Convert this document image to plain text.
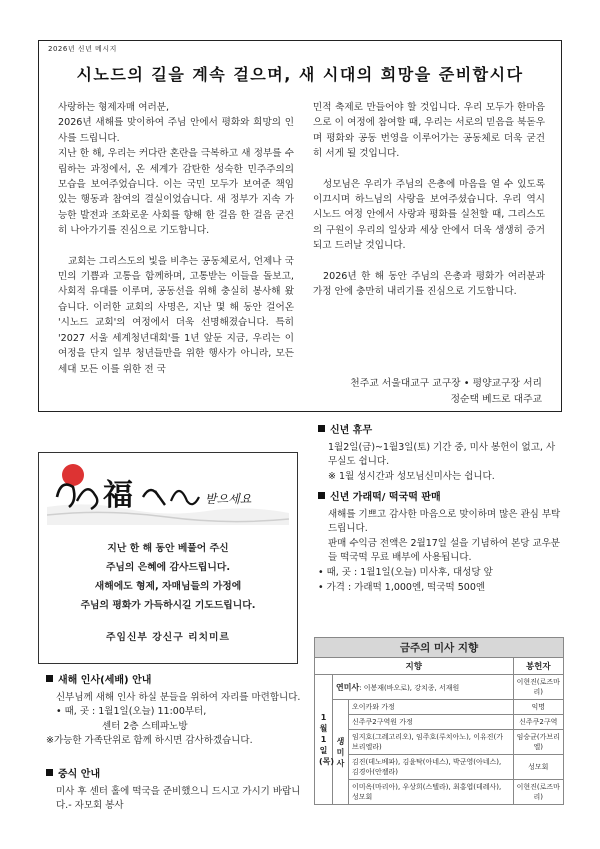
2026년 신년 메시지
시노드의 길을 계속 걸으며, 새 시대의 희망을 준비합시다

사랑하는 형제자매 여러분,
2026년 새해를 맞이하여 주님 안에서 평화와 희망의 인사를 드립니다.
지난 한 해, 우리는 커다란 혼란을 극복하고 새 정부를 수립하는 과정에서, 온 세계가 감탄한 성숙한 민주주의의 모습을 보여주었습니다. 이는 국민 모두가 보여준 책임 있는 행동과 참여의 결실이었습니다. 새 정부가 지속 가능한 발전과 조화로운 사회를 향해 한 걸음 한 걸음 굳건히 나아가기를 진심으로 기도합니다.

교회는 그리스도의 빛을 비추는 공동체로서, 언제나 국민의 기쁨과 고통을 함께하며, 고통받는 이들을 돌보고, 사회적 유대를 이루며, 공동선을 위해 충실히 봉사해 왔습니다. 이러한 교회의 사명은, 지난 몇 해 동안 걸어온 '시노드 교회'의 여정에서 더욱 선명해졌습니다. 특히 '2027 서울 세계청년대회'를 1년 앞둔 지금, 우리는 이 여정을 단지 일부 청년들만을 위한 행사가 아니라, 모든 세대 모든 이를 위한 전 국

민적 축제로 만들어야 할 것입니다. 우리 모두가 한마음으로 이 여정에 참여할 때, 우리는 서로의 믿음을 북돋우며 평화와 공동 번영을 이루어가는 공동체로 더욱 굳건히 서게 될 것입니다.

성모님은 우리가 주님의 은총에 마음을 열 수 있도록 이끄시며 하느님의 사랑을 보여주셨습니다. 우리 역시 시노드 여정 안에서 사랑과 평화를 실천할 때, 그리스도의 구원이 우리의 일상과 세상 안에서 더욱 생생히 증거되고 드러날 것입니다.

2026년 한 해 동안 주님의 은총과 평화가 여러분과 가정 안에 충만히 내리기를 진심으로 기도합니다.

천주교 서울대교구 교구장 • 평양교구장 서리
정순택 베드로 대주교
福	받으세요
지난 한 해 동안 베풀어 주신
주님의 은혜에 감사드립니다.
새해에도 형제, 자매님들의 가정에
주님의 평화가 가득하시길 기도드립니다.
주임신부 강신구 리치미르
새해 인사(세배) 안내
신부님께 새해 인사 하실 분들을 위하여 자리를 마련합니다.
• 때, 곳 : 1월1일(오늘) 11:00부터,
센터 2층 스테파노방
※가능한 가족단위로 함께 하시면 감사하겠습니다.
중식 안내
미사 후 센터 홀에 떡국을 준비했으니 드시고 가시기 바랍니다.- 자모회 봉사
신년 휴무
1월2일(금)~1월3일(토) 기간 중, 미사 봉헌이 없고, 사무실도 쉽니다.
※ 1월 성시간과 성모님신미사는 쉽니다.
신년 가래떡/ 떡국떡 판매
새해를 기쁘고 감사한 마음으로 맞이하며 많은 관심 부탁드립니다.
판매 수익금 전액은 2월17일 설을 기념하여 본당 교우분들 떡국떡 무료 배부에 사용됩니다.
• 때, 곳 : 1월1일(오늘) 미사후, 대성당 앞
• 가격 : 가래떡 1,000엔, 떡국떡 500엔
금주의 미사 지향			
지향			봉헌자
1월1일(목)	연미사: 이봉재(바오로), 강치종, 서재원		이현진(로즈마리)
	생미사	오이카와 가정	익명
		신주쿠2구역원 가정	신주쿠2구역
		임지호(그레고리오), 임주호(루치아노), 이유진(가브리엘라)	임승균(가브리엘)
		김진(데노베파), 김윤탁(아네스), 박군영(아네스), 김경아(안젤라)	성모회
		이미옥(마리아), 우상희(스텔라), 최홍엽(데레사), 성모회	이현진(로즈마리)
